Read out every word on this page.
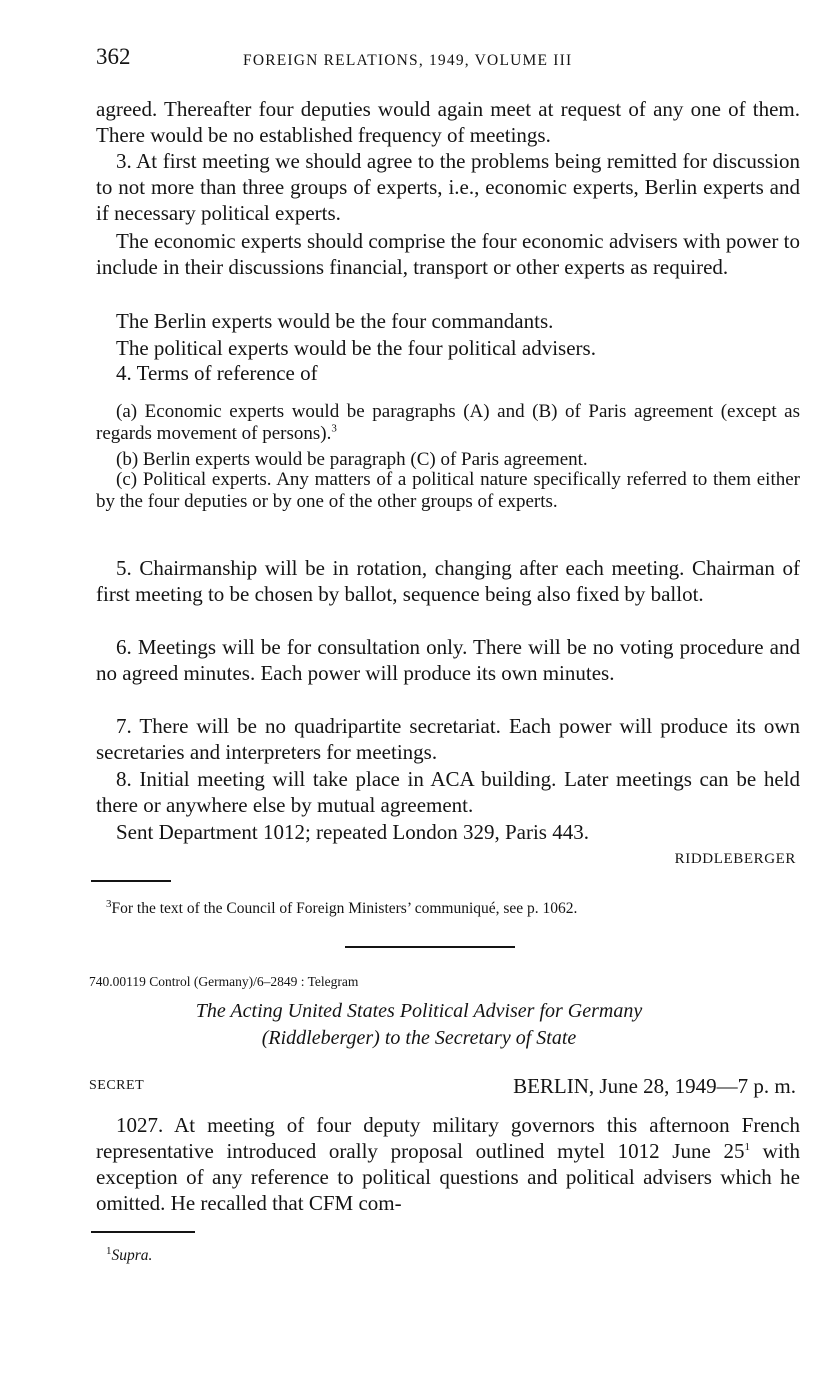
362	FOREIGN RELATIONS, 1949, VOLUME III

agreed. Thereafter four deputies would again meet at request of any one of them. There would be no established frequency of meetings.

3. At first meeting we should agree to the problems being remitted for discussion to not more than three groups of experts, i.e., economic experts, Berlin experts and if necessary political experts.

The economic experts should comprise the four economic advisers with power to include in their discussions financial, transport or other experts as required.

The Berlin experts would be the four commandants.

The political experts would be the four political advisers.

4. Terms of reference of

(a) Economic experts would be paragraphs (A) and (B) of Paris agreement (except as regards movement of persons).$^3$

(b) Berlin experts would be paragraph (C) of Paris agreement.

(c) Political experts. Any matters of a political nature specifically referred to them either by the four deputies or by one of the other groups of experts.

5. Chairmanship will be in rotation, changing after each meeting. Chairman of first meeting to be chosen by ballot, sequence being also fixed by ballot.

6. Meetings will be for consultation only. There will be no voting procedure and no agreed minutes. Each power will produce its own minutes.

7. There will be no quadripartite secretariat. Each power will produce its own secretaries and interpreters for meetings.

8. Initial meeting will take place in ACA building. Later meetings can be held there or anywhere else by mutual agreement.

Sent Department 1012; repeated London 329, Paris 443.

RIDDLEBERGER
$^3$For the text of the Council of Foreign Ministers’ communiqué, see p. 1062.
740.00119 Control (Germany)/6–2849 : Telegram
The Acting United States Political Adviser for Germany
(Riddleberger) to the Secretary of State
SECRET	BERLIN, June 28, 1949—7 p. m.

1027. At meeting of four deputy military governors this afternoon French representative introduced orally proposal outlined mytel 1012 June $25^1$ with exception of any reference to political questions and political advisers which he omitted. He recalled that CFM com-

$^1$Supra.
